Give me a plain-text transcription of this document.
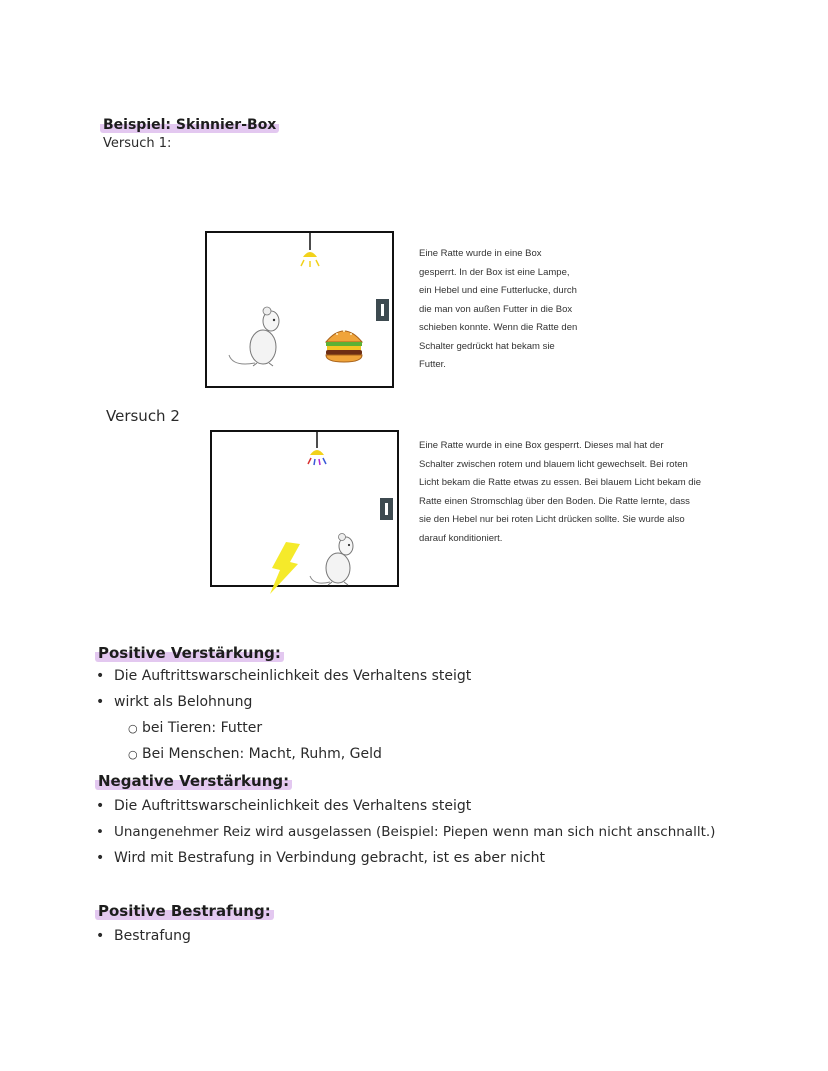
Beispiel: Skinnier-Box
Versuch 1:
Eine Ratte wurde in eine Box
gesperrt. In der Box ist eine Lampe,
ein Hebel und eine Futterlucke, durch
die man von außen Futter in die Box
schieben konnte. Wenn die Ratte den
Schalter gedrückt hat bekam sie
Futter.
Versuch 2
Eine Ratte wurde in eine Box gesperrt. Dieses mal hat der
Schalter zwischen rotem und blauem licht gewechselt. Bei roten
Licht bekam die Ratte etwas zu essen. Bei blauem Licht bekam die
Ratte einen Stromschlag über den Boden. Die Ratte lernte, dass
sie den Hebel nur bei roten Licht drücken sollte. Sie wurde also
darauf konditioniert.
Positive Verstärkung:
• Die Auftrittswarscheinlichkeit des Verhaltens steigt
• wirkt als Belohnung
○ bei Tieren: Futter
○ Bei Menschen: Macht, Ruhm, Geld
Negative Verstärkung:
• Die Auftrittswarscheinlichkeit des Verhaltens steigt
• Unangenehmer Reiz wird ausgelassen (Beispiel: Piepen wenn man sich nicht anschnallt.)
• Wird mit Bestrafung in Verbindung gebracht, ist es aber nicht
Positive Bestrafung:
• Bestrafung
